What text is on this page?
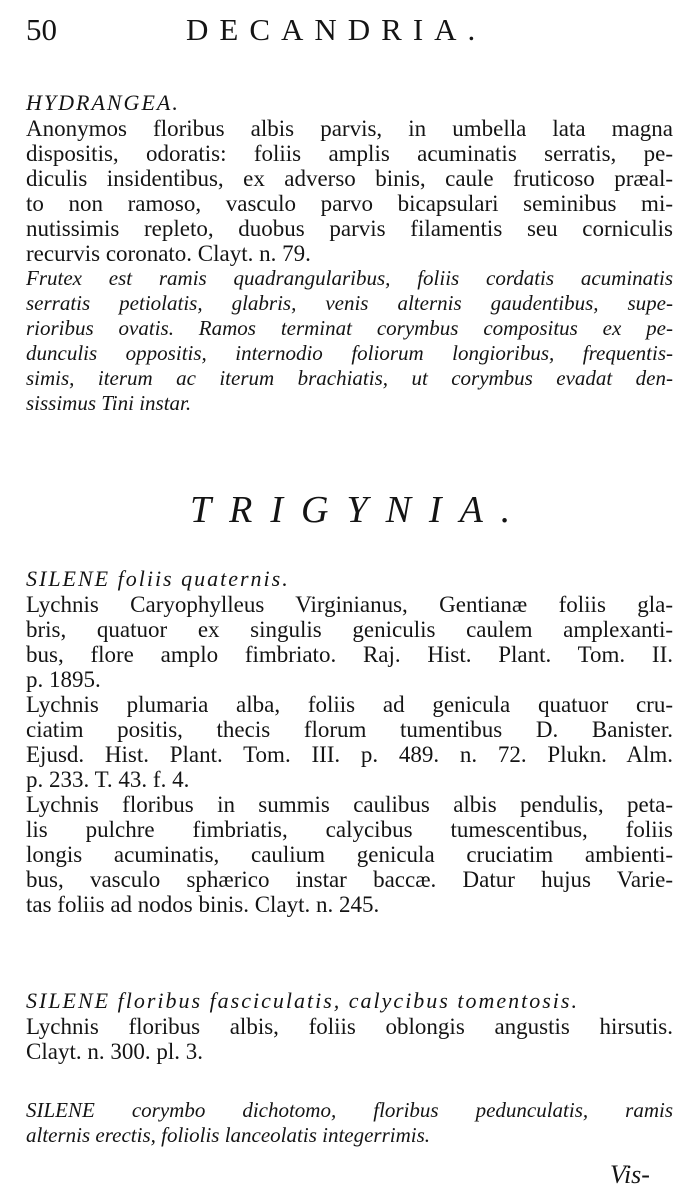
50	DECANDRIA.
HYDRANGEA.
Anonymos floribus albis parvis, in umbella lata magna
dispositis, odoratis: foliis amplis acuminatis serratis, pe-
diculis insidentibus, ex adverso binis, caule fruticoso præal-
to non ramoso, vasculo parvo bicapsulari seminibus mi-
nutissimis repleto, duobus parvis filamentis seu corniculis
recurvis coronato. Clayt. n. 79.
Frutex est ramis quadrangularibus, foliis cordatis acuminatis
serratis petiolatis, glabris, venis alternis gaudentibus, supe-
rioribus ovatis. Ramos terminat corymbus compositus ex pe-
dunculis oppositis, internodio foliorum longioribus, frequentis-
simis, iterum ac iterum brachiatis, ut corymbus evadat den-
sissimus Tini instar.
TRIGYNIA.
SILENE foliis quaternis.
Lychnis Caryophylleus Virginianus, Gentianæ foliis gla-
bris, quatuor ex singulis geniculis caulem amplexanti-
bus, flore amplo fimbriato. Raj. Hist. Plant. Tom. II.
p. 1895.
Lychnis plumaria alba, foliis ad genicula quatuor cru-
ciatim positis, thecis florum tumentibus D. Banister.
Ejusd. Hist. Plant. Tom. III. p. 489. n. 72. Plukn. Alm.
p. 233. T. 43. f. 4.
Lychnis floribus in summis caulibus albis pendulis, peta-
lis pulchre fimbriatis, calycibus tumescentibus, foliis
longis acuminatis, caulium genicula cruciatim ambienti-
bus, vasculo sphærico instar baccæ. Datur hujus Varie-
tas foliis ad nodos binis. Clayt. n. 245.
SILENE floribus fasciculatis, calycibus tomentosis.
Lychnis floribus albis, foliis oblongis angustis hirsutis.
Clayt. n. 300. pl. 3.
SILENE corymbo dichotomo, floribus pedunculatis, ramis
alternis erectis, foliolis lanceolatis integerrimis.
Vis-
